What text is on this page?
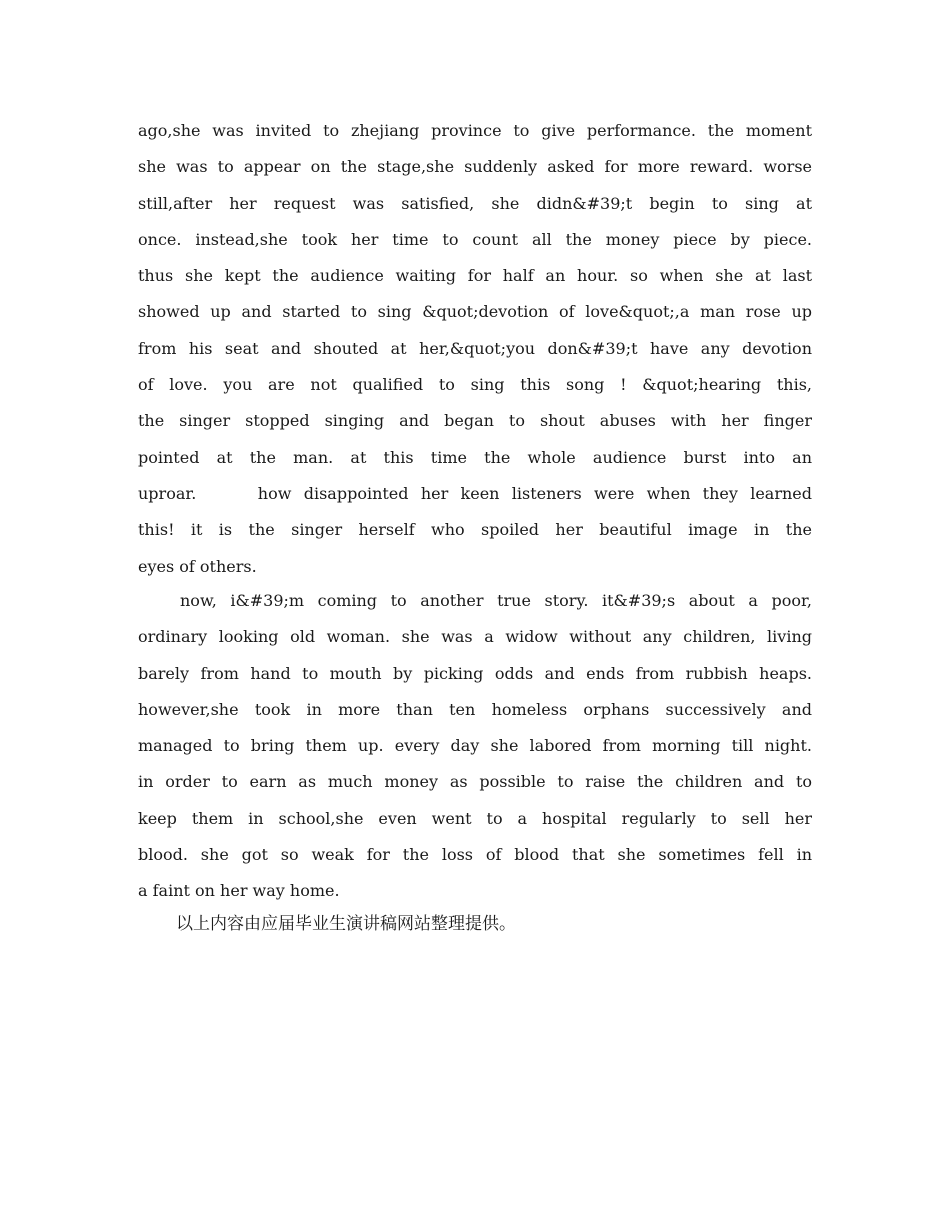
ago,she was invited to zhejiang province to give performance. the moment
she was to appear on the stage,she suddenly asked for more reward. worse
still,after her request was satisfied, she didn&#39;t begin to sing at
once. instead,she took her time to count all the money piece by piece.
thus she kept the audience waiting for half an hour. so when she at last
showed up and started to sing &quot;devotion of love&quot;,a man rose up
from his seat and shouted at her,&quot;you don&#39;t have any devotion
of love. you are not qualified to sing this song ! &quot;hearing this,
the singer stopped singing and began to shout abuses with her finger
pointed at the man. at this time the whole audience burst into an
uproar.     how disappointed her keen listeners were when they learned
this! it is the singer herself who spoiled her beautiful image in the
eyes of others.
now, i&#39;m coming to another true story. it&#39;s about a poor,
ordinary looking old woman. she was a widow without any children, living
barely from hand to mouth by picking odds and ends from rubbish heaps.
however,she took in more than ten homeless orphans successively and
managed to bring them up. every day she labored from morning till night.
in order to earn as much money as possible to raise the children and to
keep them in school,she even went to a hospital regularly to sell her
blood. she got so weak for the loss of blood that she sometimes fell in
a faint on her way home.
以上内容由应届毕业生演讲稿网站整理提供。
